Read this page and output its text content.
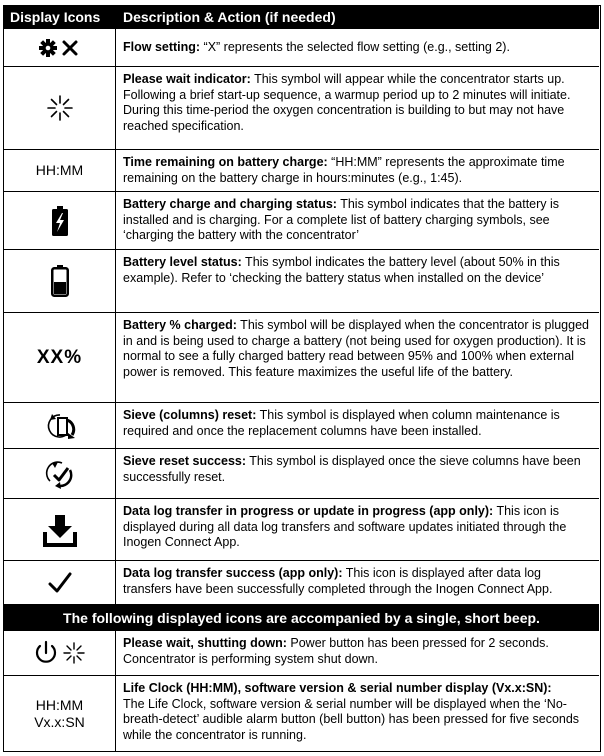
Display Icons Description & Action (if needed)
Flow setting: “X” represents the selected flow setting (e.g., setting 2).
Please wait indicator: This symbol will appear while the concentrator starts up. Following a brief start-up sequence, a warmup period up to 2 minutes will initiate. During this time-period the oxygen concentration is building to but may not have reached specification.
HH:MM	Time remaining on battery charge: “HH:MM” represents the approximate time remaining on the battery charge in hours:minutes (e.g., 1:45).
Battery charge and charging status: This symbol indicates that the battery is installed and is charging. For a complete list of battery charging symbols, see ‘charging the battery with the concentrator’
Battery level status: This symbol indicates the battery level (about 50% in this example). Refer to ‘checking the battery status when installed on the device’
XX%
Battery % charged: This symbol will be displayed when the concentrator is plugged in and is being used to charge a battery (not being used for oxygen production). It is normal to see a fully charged battery read between 95% and 100% when external power is removed. This feature maximizes the useful life of the battery.
Sieve (columns) reset: This symbol is displayed when column maintenance is required and once the replacement columns have been installed.
Sieve reset success: This symbol is displayed once the sieve columns have been successfully reset.
Data log transfer in progress or update in progress (app only): This icon is displayed during all data log transfers and software updates initiated through the Inogen Connect App.
Data log transfer success (app only): This icon is displayed after data log transfers have been successfully completed through the Inogen Connect App.
The following displayed icons are accompanied by a single, short beep.
Please wait, shutting down: Power button has been pressed for 2 seconds. Concentrator is performing system shut down.
HH:MM
Vx.x:SN
Life Clock (HH:MM), software version & serial number display (Vx.x:SN):
The Life Clock, software version & serial number will be displayed when the ‘No-breath-detect’ audible alarm button (bell button) has been pressed for five seconds while the concentrator is running.
